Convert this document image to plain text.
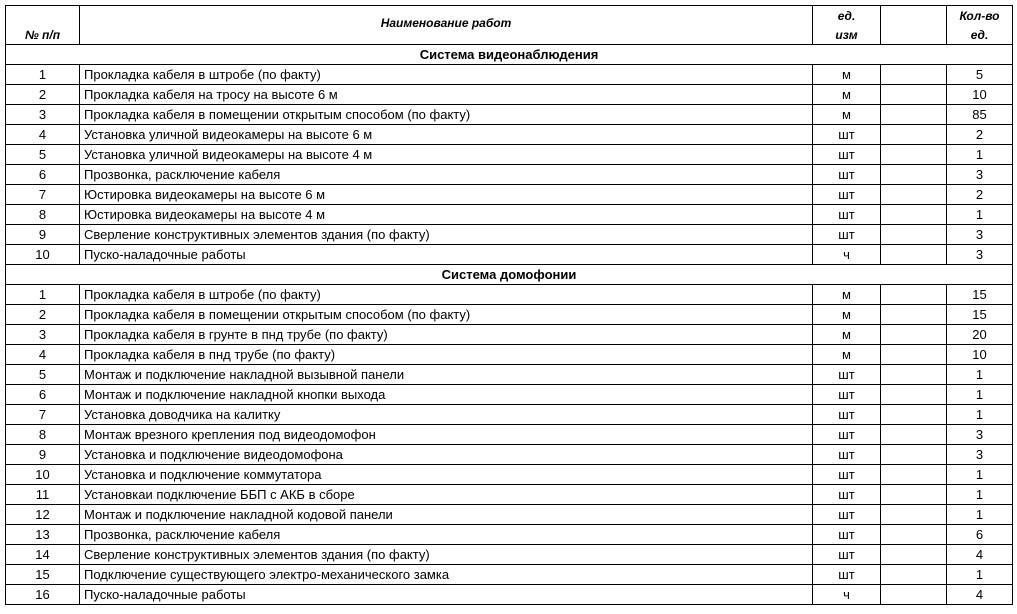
№ п/п	Наименование работ	ед.		Кол-во
		изм		ед.
Система видеонаблюдения				
1	Прокладка кабеля в штробе (по факту)	м		5
2	Прокладка кабеля на тросу на высоте 6 м	м		10
3	Прокладка кабеля в помещении открытым способом (по факту)	м		85
4	Установка уличной видеокамеры на высоте 6 м	шт		2
5	Установка уличной видеокамеры на высоте 4 м	шт		1
6	Прозвонка, расключение кабеля	шт		3
7	Юстировка видеокамеры на высоте 6 м	шт		2
8	Юстировка видеокамеры на высоте 4 м	шт		1
9	Сверление конструктивных элементов здания (по факту)	шт		3
10	Пуско-наладочные работы	ч		3
Система домофонии				
1	Прокладка кабеля в штробе (по факту)	м		15
2	Прокладка кабеля в помещении открытым способом (по факту)	м		15
3	Прокладка кабеля в грунте в пнд трубе (по факту)	м		20
4	Прокладка кабеля в пнд трубе (по факту)	м		10
5	Монтаж и подключение накладной вызывной панели	шт		1
6	Монтаж и подключение накладной кнопки выхода	шт		1
7	Установка доводчика на калитку	шт		1
8	Монтаж врезного крепления под видеодомофон	шт		3
9	Установка и подключение видеодомофона	шт		3
10	Установка и подключение коммутатора	шт		1
11	Установкаи подключение ББП с АКБ в сборе	шт		1
12	Монтаж и подключение накладной кодовой панели	шт		1
13	Прозвонка, расключение кабеля	шт		6
14	Сверление конструктивных элементов здания (по факту)	шт		4
15	Подключение существующего электро-механического замка	шт		1
16	Пуско-наладочные работы	ч		4
